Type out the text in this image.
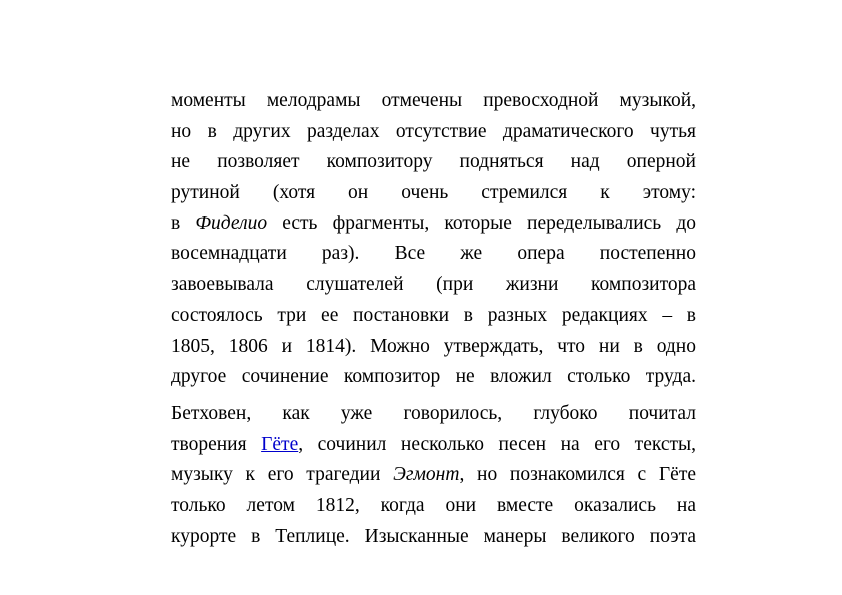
моменты мелодрамы отмечены превосходной музыкой,
но в других разделах отсутствие драматического чутья
не позволяет композитору подняться над оперной
рутиной (хотя он очень стремился к этому:
в Фиделио есть фрагменты, которые переделывались до
восемнадцати раз). Все же опера постепенно
завоевывала слушателей (при жизни композитора
состоялось три ее постановки в разных редакциях – в
1805, 1806 и 1814). Можно утверждать, что ни в одно
другое сочинение композитор не вложил столько труда.
Бетховен, как уже говорилось, глубоко почитал
творения Гёте, сочинил несколько песен на его тексты,
музыку к его трагедии Эгмонт, но познакомился с Гёте
только летом 1812, когда они вместе оказались на
курорте в Теплице. Изысканные манеры великого поэта
